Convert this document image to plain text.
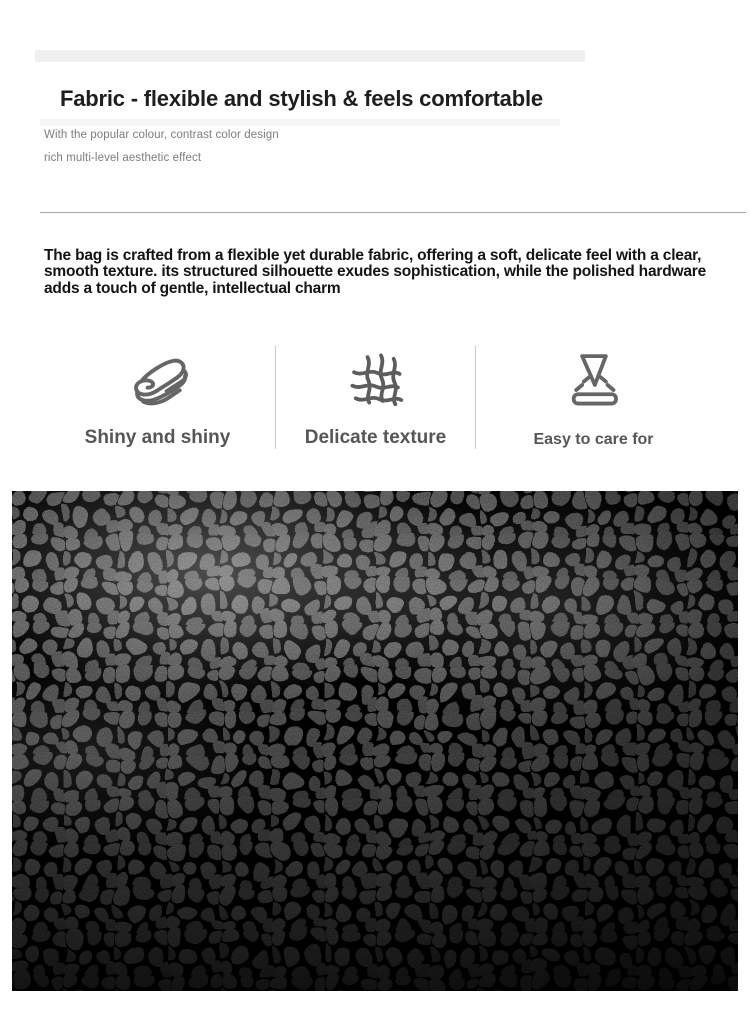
Fabric - flexible and stylish & feels comfortable
With the popular colour, contrast color design
rich multi-level aesthetic effect

The bag is crafted from a flexible yet durable fabric, offering a soft, delicate feel with a clear, smooth texture. its structured silhouette exudes sophistication, while the polished hardware adds a touch of gentle, intellectual charm

Shiny and shiny	Delicate texture	Easy to care for
